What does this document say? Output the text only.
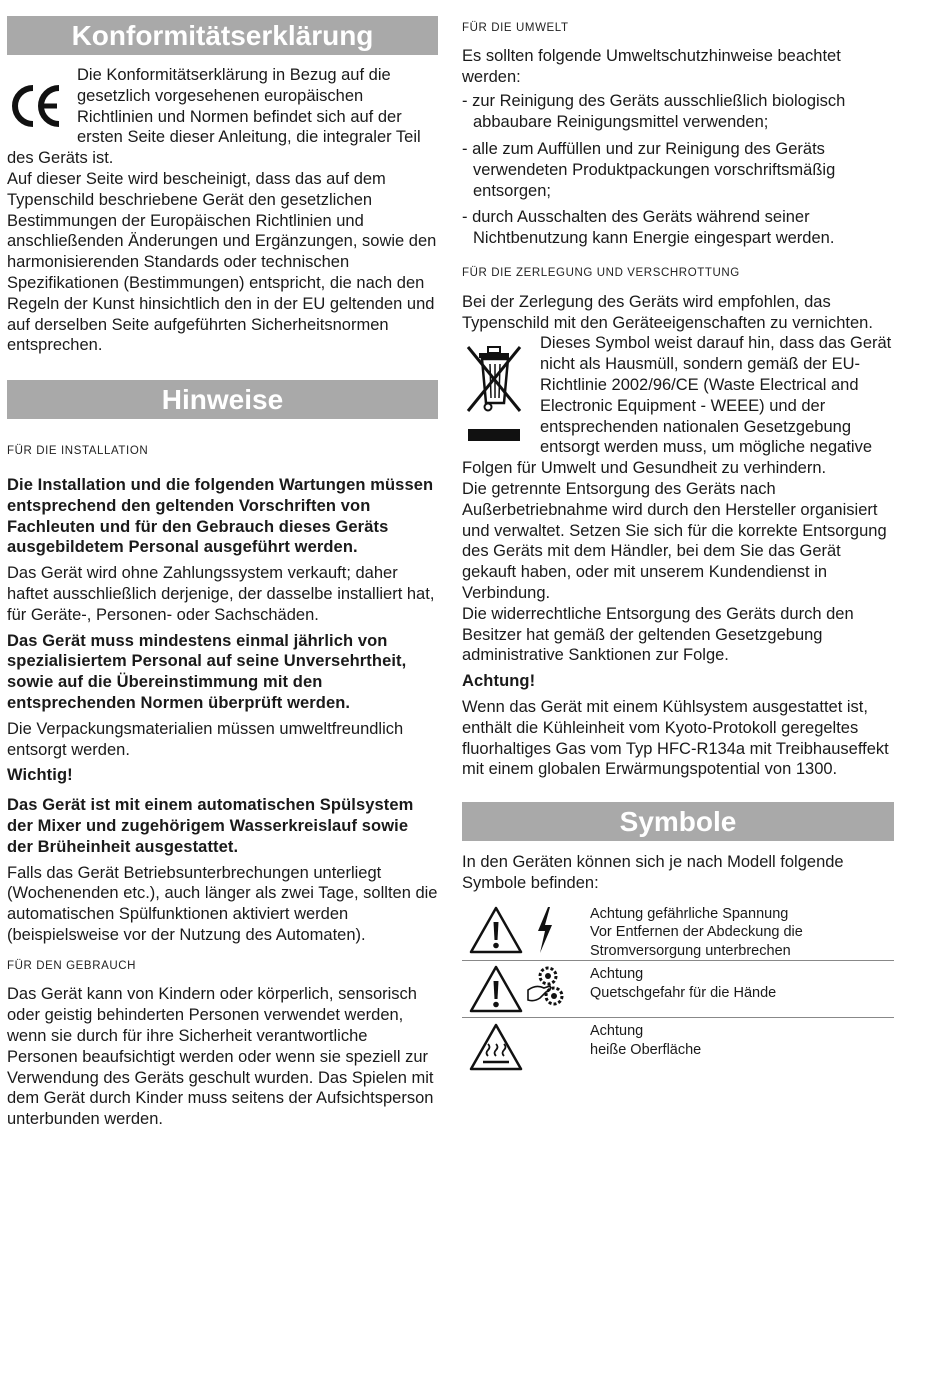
Konformitätserklärung

Die Konformitätserklärung in Bezug auf die gesetzlich vorgesehenen europäischen Richtlinien und Normen befindet sich auf der ersten Seite dieser Anleitung, die integraler Teil des Geräts ist.

Auf dieser Seite wird bescheinigt, dass das auf dem Typenschild beschriebene Gerät den gesetzlichen Bestimmungen der Europäischen Richtlinien und anschließenden Änderungen und Ergänzungen, sowie den harmonisierenden Standards oder technischen Spezifikationen (Bestimmungen) entspricht, die nach den Regeln der Kunst hinsichtlich den in der EU geltenden und auf derselben Seite aufgeführten Sicherheitsnormen entsprechen.

Hinweise

FÜR DIE INSTALLATION

Die Installation und die folgenden Wartungen müssen entsprechend den geltenden Vorschriften von Fachleuten und für den Gebrauch dieses Geräts ausgebildetem Personal ausgeführt werden.

Das Gerät wird ohne Zahlungssystem verkauft; daher haftet ausschließlich derjenige, der dasselbe installiert hat, für Geräte-, Personen- oder Sachschäden.

Das Gerät muss mindestens einmal jährlich von spezialisiertem Personal auf seine Unversehrtheit, sowie auf die Übereinstimmung mit den entsprechenden Normen überprüft werden.

Die Verpackungsmaterialien müssen umweltfreundlich entsorgt werden.

Wichtig!

Das Gerät ist mit einem automatischen Spülsystem der Mixer und zugehörigem Wasserkreislauf sowie der Brüheinheit ausgestattet.

Falls das Gerät Betriebsunterbrechungen unterliegt (Wochenenden etc.), auch länger als zwei Tage, sollten die automatischen Spülfunktionen aktiviert werden (beispielsweise vor der Nutzung des Automaten).

FÜR DEN GEBRAUCH

Das Gerät kann von Kindern oder körperlich, sensorisch oder geistig behinderten Personen verwendet werden, wenn sie durch für ihre Sicherheit verantwortliche Personen beaufsichtigt werden oder wenn sie speziell zur Verwendung des Geräts geschult wurden. Das Spielen mit dem Gerät durch Kinder muss seitens der Aufsichtsperson unterbunden werden.

FÜR DIE UMWELT

Es sollten folgende Umweltschutzhinweise beachtet werden:

- zur Reinigung des Geräts ausschließlich biologisch abbaubare Reinigungsmittel verwenden;

- alle zum Auffüllen und zur Reinigung des Geräts verwendeten Produktpackungen vorschriftsmäßig entsorgen;

- durch Ausschalten des Geräts während seiner Nichtbenutzung kann Energie eingespart werden.

FÜR DIE ZERLEGUNG UND VERSCHROTTUNG

Bei der Zerlegung des Geräts wird empfohlen, das Typenschild mit den Geräteeigenschaften zu vernichten.

Dieses Symbol weist darauf hin, dass das Gerät nicht als Hausmüll, sondern gemäß der EU-Richtlinie 2002/96/CE (Waste Electrical and Electronic Equipment - WEEE) und der entsprechenden nationalen Gesetzgebung entsorgt werden muss, um mögliche negative Folgen für Umwelt und Gesundheit zu verhindern.

Die getrennte Entsorgung des Geräts nach Außerbetriebnahme wird durch den Hersteller organisiert und verwaltet. Setzen Sie sich für die korrekte Entsorgung des Geräts mit dem Händler, bei dem Sie das Gerät gekauft haben, oder mit unserem Kundendienst in Verbindung.

Die widerrechtliche Entsorgung des Geräts durch den Besitzer hat gemäß der geltenden Gesetzgebung administrative Sanktionen zur Folge.

Achtung!

Wenn das Gerät mit einem Kühlsystem ausgestattet ist, enthält die Kühleinheit vom Kyoto-Protokoll geregeltes fluorhaltiges Gas vom Typ HFC-R134a mit Treibhauseffekt mit einem globalen Erwärmungspotential von 1300.

Symbole

In den Geräten können sich je nach Modell folgende Symbole befinden:

Achtung gefährliche Spannung
Vor Entfernen der Abdeckung die Stromversorgung unterbrechen

Achtung
Quetschgefahr für die Hände

Achtung
heiße Oberfläche
